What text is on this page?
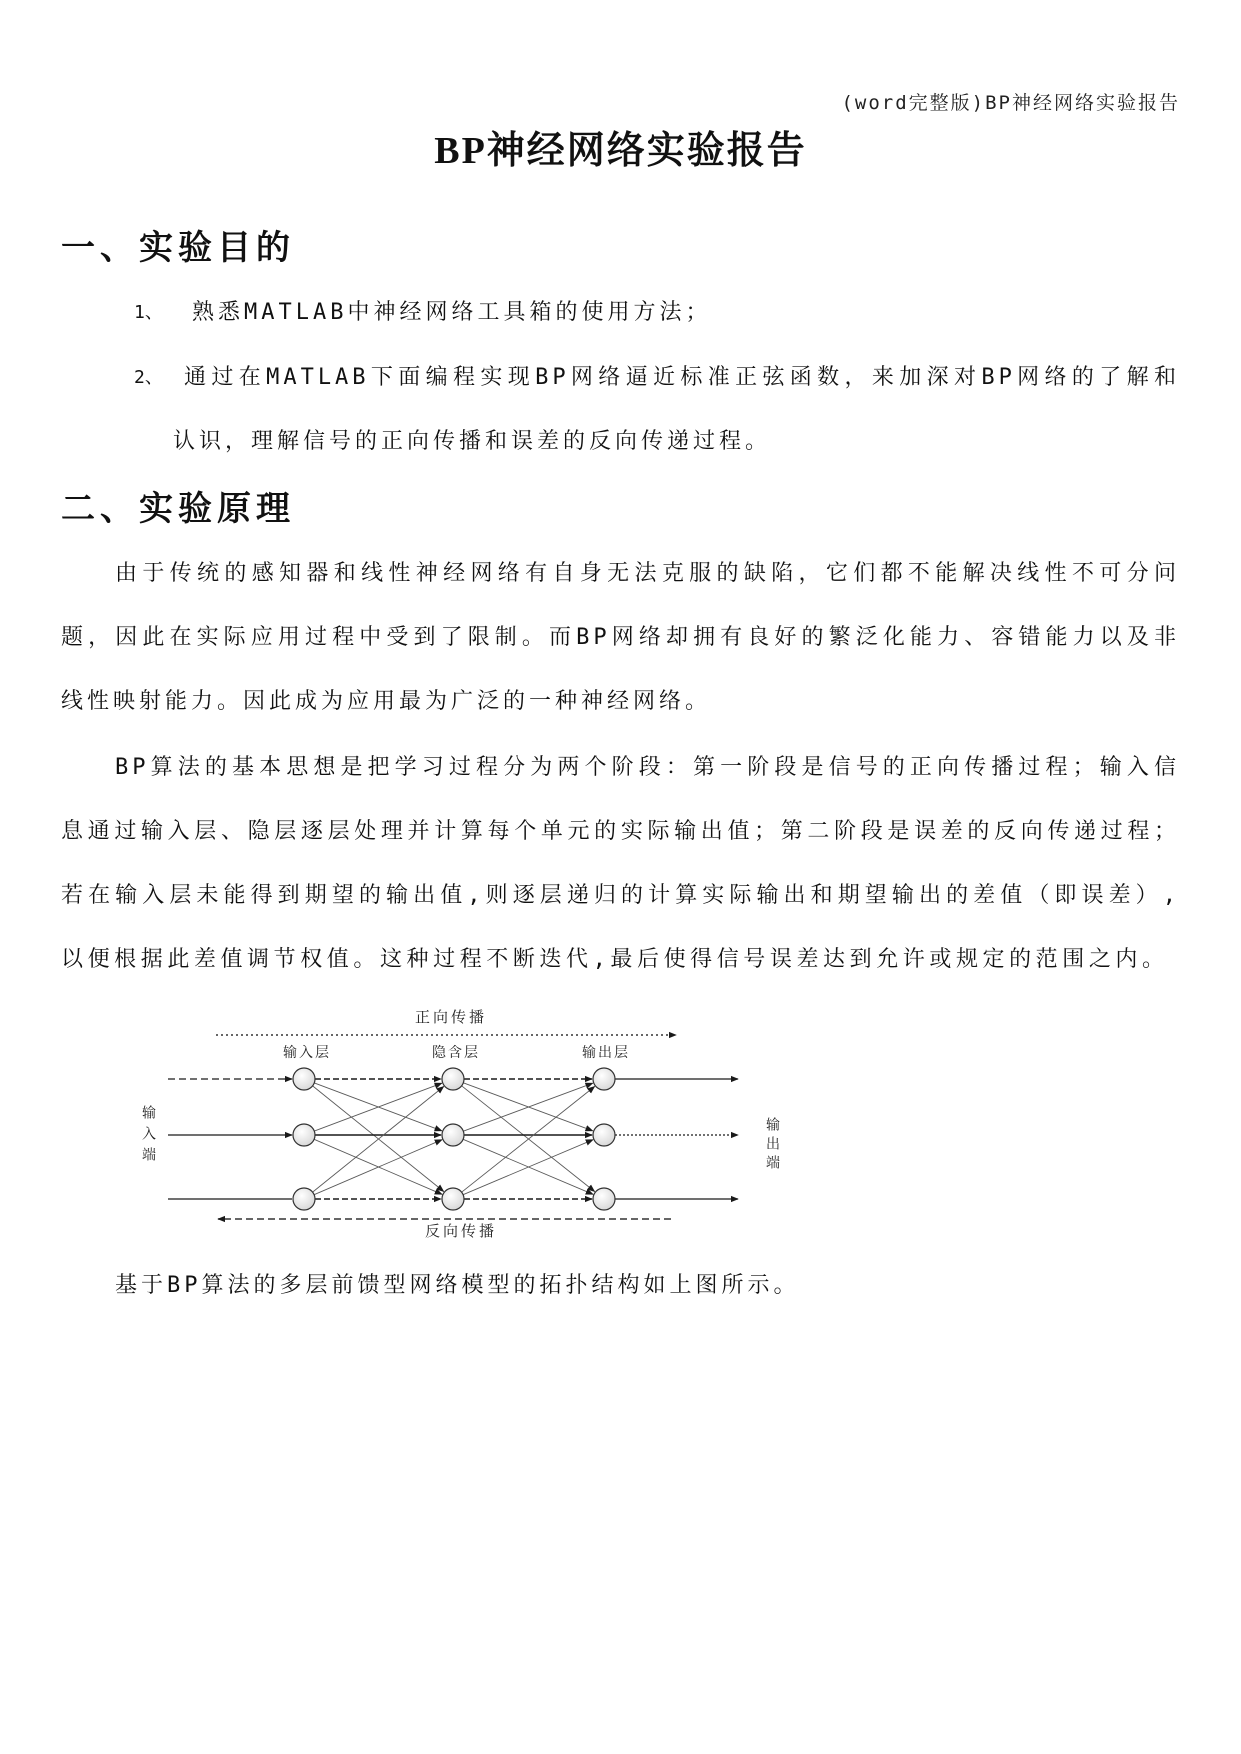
(word完整版)BP神经网络实验报告
BP神经网络实验报告
一、实验目的
1、 熟悉MATLAB中神经网络工具箱的使用方法；
2、 通过在MATLAB下面编程实现BP网络逼近标准正弦函数，来加深对BP网络的了解和
认识，理解信号的正向传播和误差的反向传递过程。
二、实验原理
由于传统的感知器和线性神经网络有自身无法克服的缺陷，它们都不能解决线性不可分问
题，因此在实际应用过程中受到了限制。而BP网络却拥有良好的繁泛化能力、容错能力以及非
线性映射能力。因此成为应用最为广泛的一种神经网络。
BP算法的基本思想是把学习过程分为两个阶段：第一阶段是信号的正向传播过程；输入信
息通过输入层、隐层逐层处理并计算每个单元的实际输出值；第二阶段是误差的反向传递过程；
若在输入层未能得到期望的输出值,则逐层递归的计算实际输出和期望输出的差值（即误差）,
以便根据此差值调节权值。这种过程不断迭代,最后使得信号误差达到允许或规定的范围之内。
正向传播
输入层	隐含层	输出层
反向传播
输入端	输出端
基于BP算法的多层前馈型网络模型的拓扑结构如上图所示。
